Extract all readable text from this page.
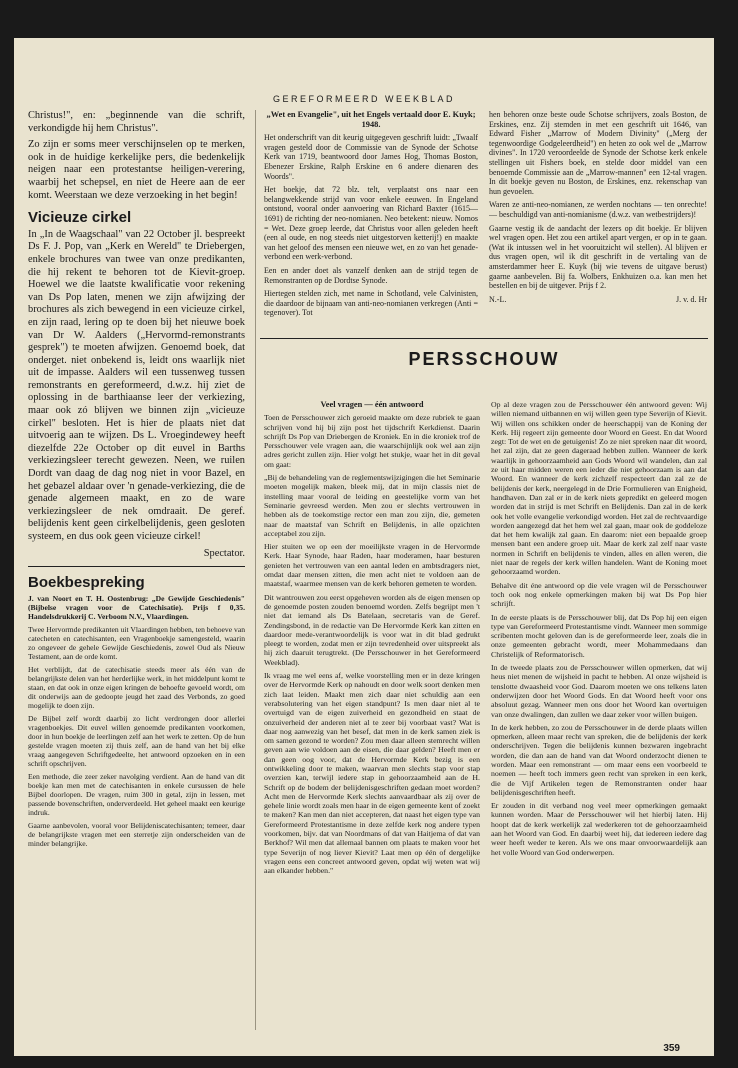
GEREFORMEERD WEEKBLAD

Christus!", en: „beginnende van die schrift, verkondigde hij hem Christus".

Zo zijn er soms meer verschijnselen op te merken, ook in de huidige kerkelijke pers, die bedenkelijk neigen naar een protestantse heiligen-verering, waarbij het schepsel, en niet de Heere aan de eer komt. Weerstaan we deze verzoeking in het begin!

Vicieuze cirkel

In „In de Waagschaal" van 22 October jl. bespreekt Ds F. J. Pop, van „Kerk en Wereld" te Driebergen, enkele brochures van twee van onze predikanten, die hij rekent te behoren tot de Kievit-groep. Hoewel we die laatste kwalificatie voor rekening van Ds Pop laten, menen we zijn afwijzing der brochures als zich bewegend in een vicieuze cirkel, en zijn raad, lering op te doen bij het nieuwe boek van Dr W. Aalders („Hervormd-remonstrants gesprek") te moeten afwijzen. Genoemd boek, dat onderget. niet onbekend is, leidt ons waarlijk niet uit de impasse. Aalders wil een tussenweg tussen remonstrants en gereformeerd, d.w.z. hij ziet de oplossing in de barthiaanse leer der verkiezing, maar ook zó blijven we binnen zijn „vicieuze cirkel" besloten. Het is hier de plaats niet dat uitvoerig aan te wijzen. Ds L. Vroegindewey heeft diezelfde 22e October op dit euvel in Barths verkiezingsleer terecht gewezen. Neen, we ruilen Dordt van daag de dag nog niet in voor Bazel, en het gebazel aldaar over 'n genade-verkiezing, die de genade algemeen maakt, en zo de ware verkiezingsleer de nek omdraait. De geref. belijdenis kent geen cirkelbelijdenis, geen gesloten systeem, en dus ook geen vicieuze cirkel!

Spectator.
Boekbespreking

J. van Noort en T. H. Oostenbrug: „De Gewijde Geschiedenis" (Bijbelse vragen voor de Catechisatie). Prijs f 0,35. Handelsdrukkerij C. Verboom N.V., Vlaardingen.

Twee Hervormde predikanten uit Vlaardingen hebben, ten behoeve van catecheten en catechisanten, een Vragenboekje samengesteld, waarin zo ongeveer de gehele Gewijde Geschiedenis, zowel Oud als Nieuw Testament, aan de orde komt.

Het verblijdt, dat de catechisatie steeds meer als één van de belangrijkste delen van het herderlijke werk, in het middelpunt komt te staan, en dat ook in onze eigen kringen de behoefte gevoeld wordt, om dit onderwijs aan de gedoopte jeugd het zaad des Verbonds, zo goed mogelijk te doen zijn.

De Bijbel zelf wordt daarbij zo licht verdrongen door allerlei vragenboekjes. Dit euvel willen genoemde predikanten voorkomen, door in hun boekje de leerlingen zelf aan het werk te zetten. Op de hun gestelde vragen moeten zij thuis zelf, aan de hand van het bij elke vraag aangegeven Schriftgedeelte, het antwoord opzoeken en in een schrift opschrijven.

Een methode, die zeer zeker navolging verdient. Aan de hand van dit boekje kan men met de catechisanten in enkele cursussen de hele Bijbel doorlopen. De vragen, ruim 300 in getal, zijn in lessen, met passende bovenschriften, onderverdeeld. Het geheel maakt een keurige indruk.

Gaarne aanbevolen, vooral voor Belijdeniscatechisanten; temeer, daar de belangrijkste vragen met een sterretje zijn onderscheiden van de minder belangrijke.

„Wet en Evangelie", uit het Engels vertaald door E. Kuyk; 1948.

Het onderschrift van dit keurig uitgegeven geschrift luidt: „Twaalf vragen gesteld door de Commissie van de Synode der Schotse Kerk van 1719, beantwoord door James Hog, Thomas Boston, Ebenezer Erskine, Ralph Erskine en 6 andere dienaren des Woords".

Het boekje, dat 72 blz. telt, verplaatst ons naar een belangwekkende strijd van voor enkele eeuwen. In Engeland ontstond, vooral onder aanvoering van Richard Baxter (1615—1691) de richting der neo-nomianen. Neo betekent: nieuw. Nomos = Wet. Deze groep leerde, dat Christus voor allen geleden heeft (een al oude, en nog steeds niet uitgestorven ketterij!) en maakte van het geloof des mensen een nieuwe wet, en zo van het genade-verbond een werk-verbond.

Een en ander doet als vanzelf denken aan de strijd tegen de Remonstranten op de Dordtse Synode.

Hiertegen stelden zich, met name in Schotland, vele Calvinisten, die daardoor de bijnaam van anti-neo-nomianen verkregen (Anti = tegenover). Tot

hen behoren onze beste oude Schotse schrijvers, zoals Boston, de Erskines, enz. Zij stemden in met een geschrift uit 1646, van Edward Fisher „Marrow of Modern Divinity" („Merg der tegenwoordige Godgeleerdheid") en heten zo ook wel de „Marrow divines". In 1720 veroordeelde de Synode der Schotse kerk enkele stellingen uit Fishers boek, en stelde door middel van een benoemde Commissie aan de „Marrow-mannen" een 12-tal vragen. In dit boekje geven nu Boston, de Erskines, enz. rekenschap van hun gevoelen.

Waren ze anti-neo-nomianen, ze werden nochtans — ten onrechte! — beschuldigd van anti-nomianisme (d.w.z. van wetbestrijders)!

Gaarne vestig ik de aandacht der lezers op dit boekje. Er blijven wel vragen open. Het zou een artikel apart vergen, er op in te gaan. (Wat ik intussen wel in het vooruitzicht wil stellen). Al blijven er dus vragen open, wil ik dit geschrift in de vertaling van de amsterdammer heer E. Kuyk (bij wie tevens de uitgave berust) gaarne aanbevelen. Bij fa. Wolbers, Enkhuizen o.a. kan men het bestellen en bij de uitgever. Prijs f 2.

N.-L.	J. v. d. Hr
PERSSCHOUW

Veel vragen — één antwoord

Toen de Persschouwer zich geroeid maakte om deze rubriek te gaan schrijven vond hij bij zijn post het tijdschrift Kerkdienst. Daarin schrijft Ds Pop van Driebergen de Kroniek. En in die kroniek trof de Persschouwer vele vragen aan, die waarschijnlijk ook wel aan zijn adres gericht zullen zijn. Hier volgt het stukje, waar het in dit geval om gaat:

„Bij de behandeling van de reglementswijzigingen die het Seminarie moeten mogelijk maken, bleek mij, dat in mijn classis niet de instelling maar vooral de leiding en geestelijke vorm van het Seminarie gevreesd werden. Men zou er slechts vertrouwen in hebben als de toekomstige rector een man zou zijn, die, gemeten naar de maatstaf van Schrift en Belijdenis, in alle opzichten acceptabel zou zijn.

Hier stuiten we op een der moeilijkste vragen in de Hervormde Kerk. Haar Synode, haar Raden, haar moderamen, haar besturen genieten het vertrouwen van een aantal leden en ambtsdragers niet, omdat daar mensen zitten, die men acht niet te voldoen aan de maatstaf, waarmee mensen van de kerk behoren gemeten te worden.

Dit wantrouwen zou eerst opgeheven worden als de eigen mensen op de genoemde posten zouden benoemd worden. Zelfs begrijpt men 't niet dat iemand als Ds Batelaan, secretaris van de Geref. Zendingsbond, in de redactie van De Hervormde Kerk kan zitten en daardoor mede-verantwoordelijk is voor wat in dit blad gedrukt pleegt te worden, zodat men er zijn tevredenheid over uitspreekt als hij zich daaruit terugtrekt. (De Persschouwer in het Gereformeerd Weekblad).

Ik vraag me wel eens af, welke voorstelling men er in deze kringen over de Hervormde Kerk op nahoudt en door welk soort denken men zich laat leiden. Maakt men zich daar niet schuldig aan een verabsolutering van het eigen standpunt? Is men daar niet al te overtuigd van de eigen zuiverheid en gezondheid en staat de onzuiverheid der anderen niet al te zeer bij voorbaat vast? Wat is daar nog aanwezig van het besef, dat men in de kerk samen ziek is om samen gezond te worden? Zou men daar alleen stemrecht willen geven aan wie voldoen aan de eisen, die daar gelden? Heeft men er dan geen oog voor, dat de Hervormde Kerk bezig is een ontwikkeling door te maken, waarvan men slechts stap voor stap overzien kan, terwijl iedere stap in gehoorzaamheid aan de H. Schrift op de bodem der belijdenisgeschriften gedaan moet worden? Acht men de Hervormde Kerk slechts aanvaardbaar als zij over de gehele linie wordt zoals men haar in de eigen gemeente kent of zoekt te maken? Kan men dan niet accepteren, dat naast het eigen type van Gereformeerd Protestantisme in deze zelfde kerk nog andere typen voorkomen, bijv. dat van Noordmans of dat van Haitjema of dat van Berkhof? Wil men dat allemaal bannen om plaats te maken voor het type Severijn of nog liever Kievit? Laat men op één of dergelijke vragen eens een concreet antwoord geven, opdat wij weten wat wij aan elkander hebben."

Op al deze vragen zou de Persschouwer één antwoord geven: Wij willen niemand uitbannen en wij willen geen type Severijn of Kievit. Wij willen ons schikken onder de heerschappij van de Koning der Kerk. Hij regeert zijn gemeente door Woord en Geest. En dat Woord zegt: Tot de wet en de getuigenis! Zo ze niet spreken naar dit woord, het zal zijn, dat ze geen dageraad hebben zullen. Wanneer de kerk waarlijk in gehoorzaamheid aan Gods Woord wil wandelen, dan zal ze uit haar midden weren een ieder die niet gehoorzaam is aan dat Woord. En wanneer de kerk zichzelf respecteert dan zal ze de belijdenis der kerk, neergelegd in de Drie Formulieren van Enigheid, handhaven. Dan zal er in de kerk niets gepredikt en geleerd mogen worden dat in strijd is met Schrift en Belijdenis. Dan zal in de kerk ook het volle evangelie verkondigd worden. Het zal de rechtvaardige worden aangezegd dat het hem wel zal gaan, maar ook de goddeloze dat het hem kwalijk zal gaan. En daarom: niet een bepaalde groep mensen bant een andere groep uit. Maar de kerk zal zelf naar vaste normen in Schrift en belijdenis te vinden, alles en allen weren, die niet naar de regels der kerk willen handelen. Want de Koning moet gehoorzaamd worden.

Behalve dit éne antwoord op die vele vragen wil de Persschouwer toch ook nog enkele opmerkingen maken bij wat Ds Pop hier schrijft.

In de eerste plaats is de Persschouwer blij, dat Ds Pop hij een eigen type van Gereformeerd Protestantisme vindt. Wanneer men sommige scribenten mocht geloven dan is de gereformeerde leer, zoals die in onze gemeenten gebracht wordt, meer Mohammedaans dan Christelijk of Reformatorisch.

In de tweede plaats zou de Persschouwer willen opmerken, dat wij heus niet menen de wijsheid in pacht te hebben. Al onze wijsheid is tenslotte dwaasheid voor God. Daarom moeten we ons telkens laten onderwijzen door het Woord Gods. En dat Woord heeft voor ons absoluut gezag. Wanneer men ons door het Woord kan overtuigen van onze dwalingen, dan zullen we daar zeker voor willen buigen.

In de kerk hebben, zo zou de Persschouwer in de derde plaats willen opmerken, alleen maar recht van spreken, die de belijdenis der kerk onderschrijven. Tegen die belijdenis kunnen bezwaren ingebracht worden, die dan aan de hand van dat Woord onderzocht dienen te worden. Maar een remonstrant — om maar eens een voorbeeld te noemen — heeft toch immers geen recht van spreken in een kerk, die de Vijf Artikelen tegen de Remonstranten onder haar belijdenisgeschriften heeft.

Er zouden in dit verband nog veel meer opmerkingen gemaakt kunnen worden. Maar de Persschouwer wil het hierbij laten. Hij hoopt dat de kerk werkelijk zal wederkeren tot de gehoorzaamheid aan het Woord van God. En daarbij weet hij, dat iedereen iedere dag weer heeft weder te keren. Als we ons maar onvoorwaardelijk aan het volle Woord van God onderwerpen.

359
